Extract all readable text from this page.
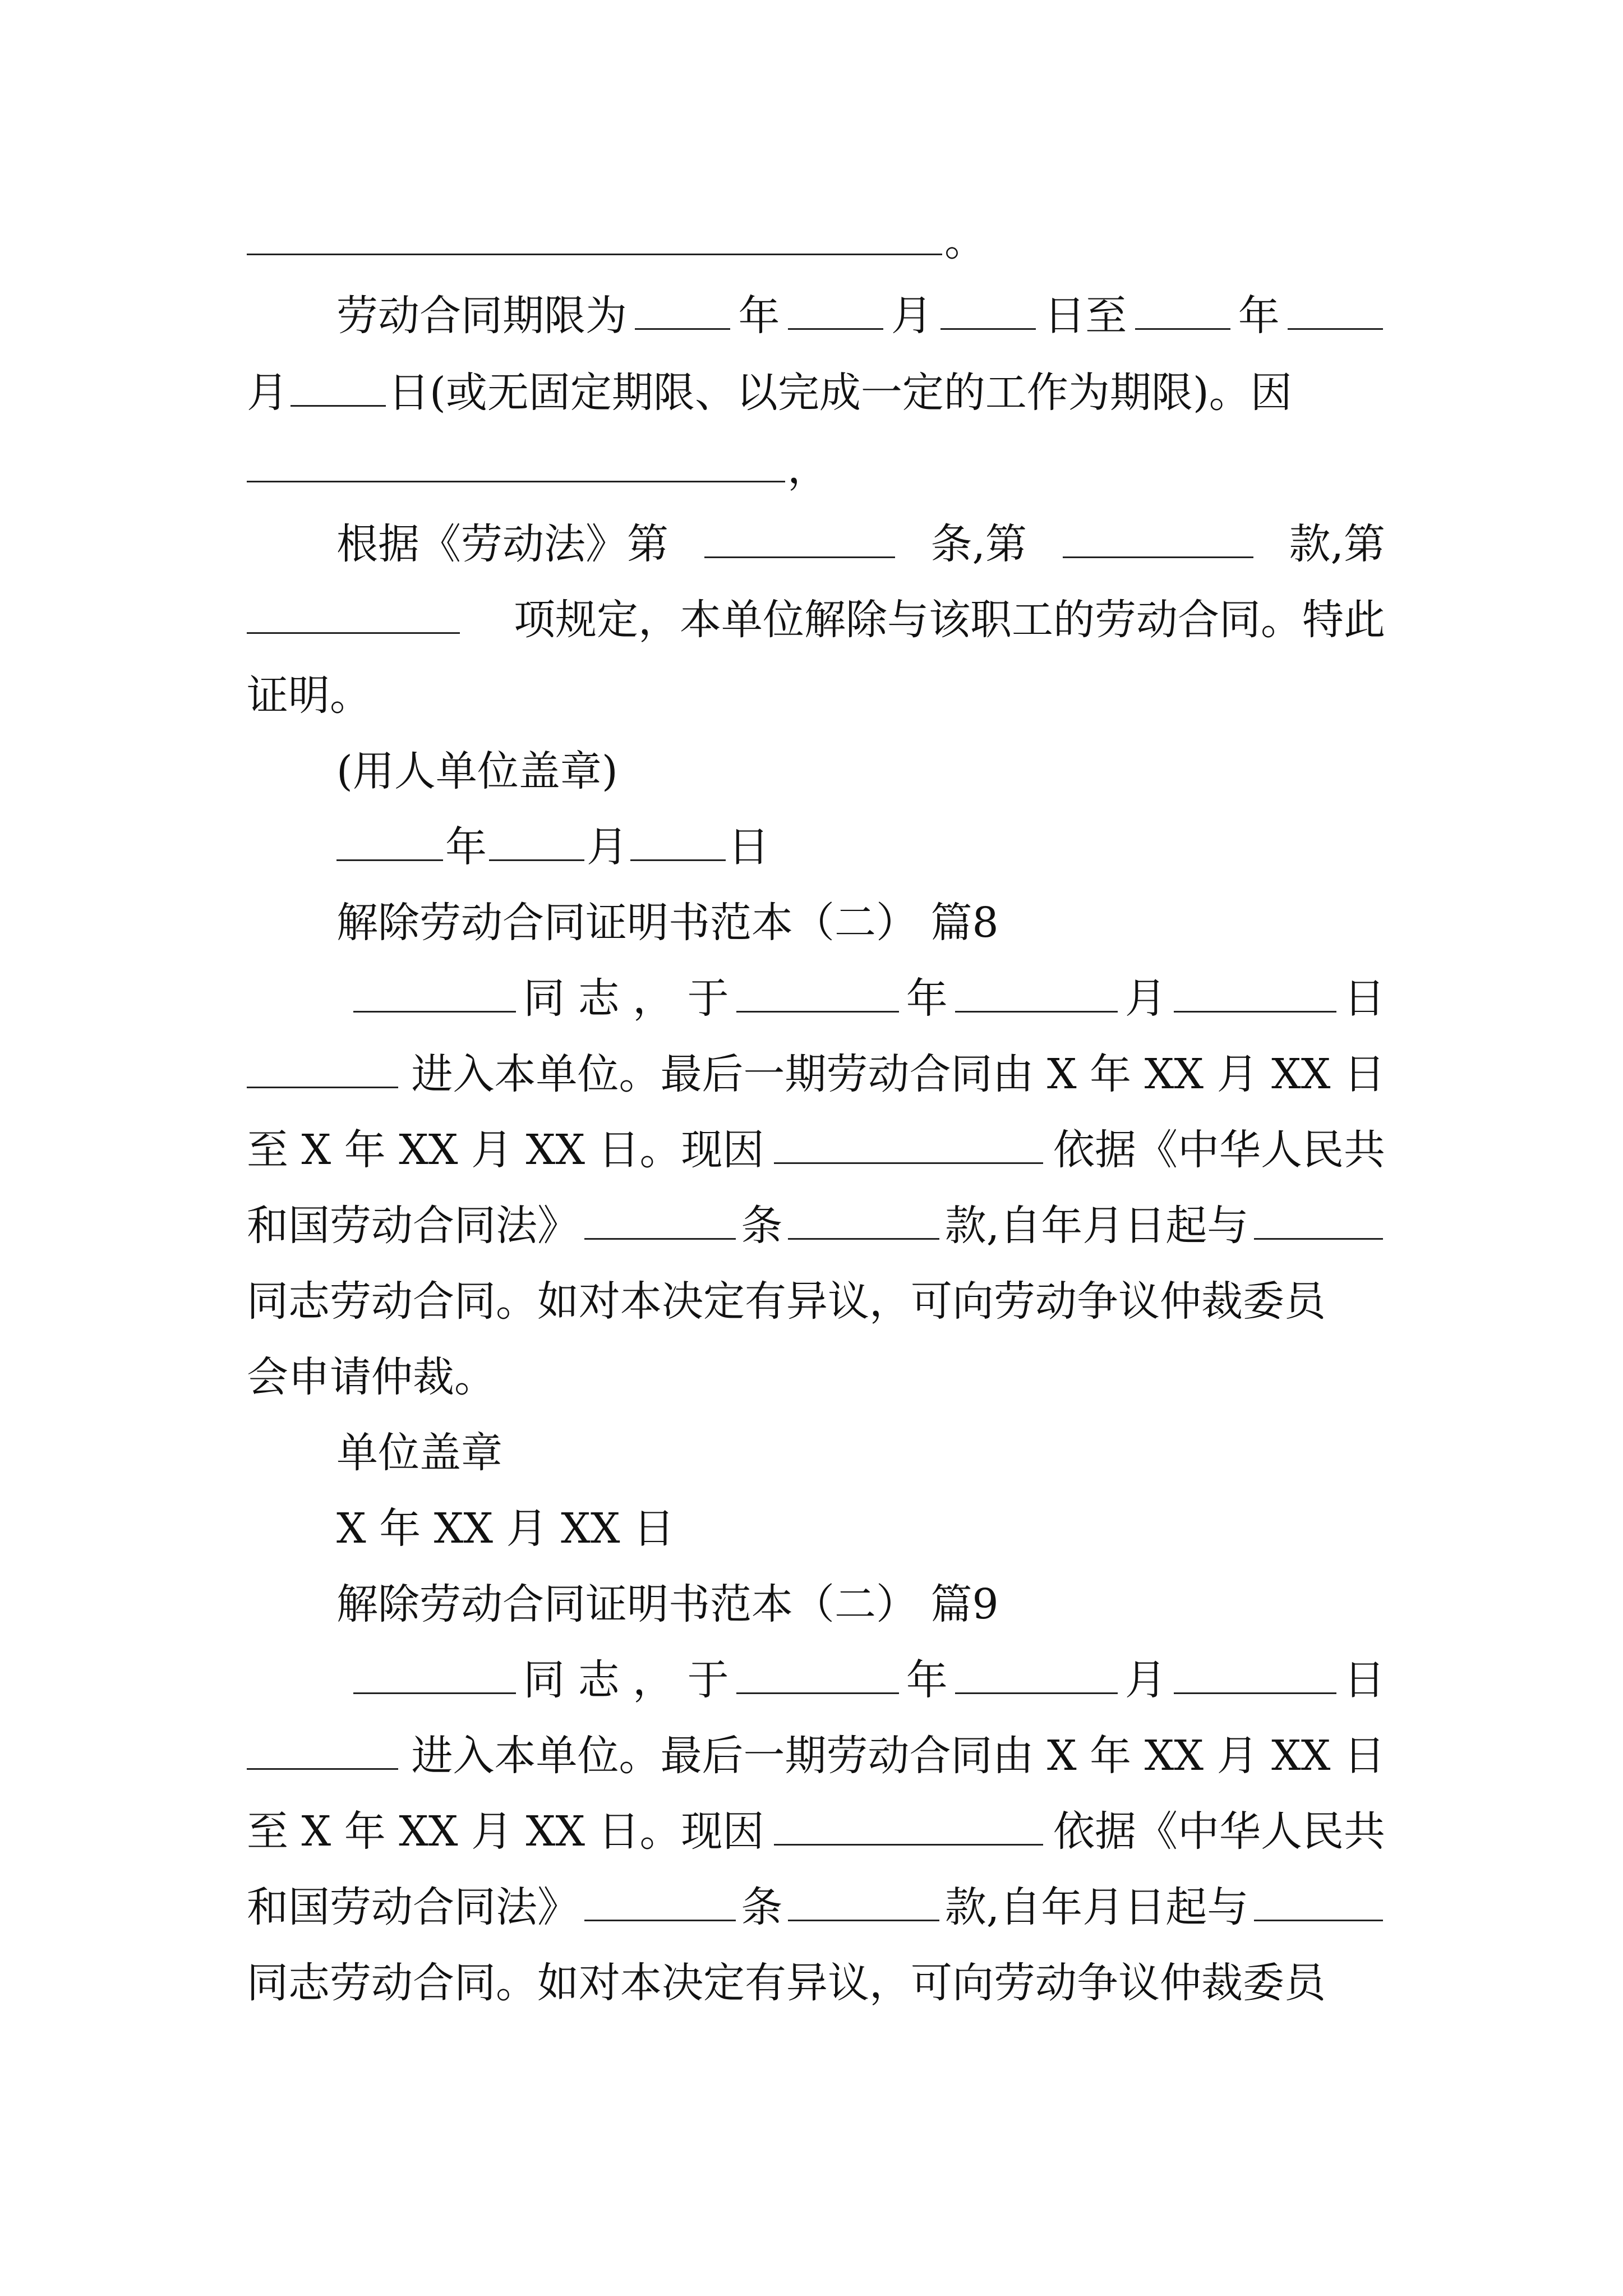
。
劳动合同期限为	年	月	日至	年
月 日(或无固定期限、以完成一定的工作为期限)。因
，
根据《劳动法》第	条,第	款,第
项规定，本单位解除与该职工的劳动合同。特此
证明。
(用人单位盖章)
年 月 日
解除劳动合同证明书范本（二） 篇8
同 志 ， 于	年	月	日
进入本单位。最后一期劳动合同由 X 年 XX 月 XX 日
至 X 年 XX 月 XX 日。现因	依据《中华人民共
和国劳动合同法》	条	款,自年月日起与
同志劳动合同。如对本决定有异议，可向劳动争议仲裁委员
会申请仲裁。
单位盖章
X 年 XX 月 XX 日
解除劳动合同证明书范本（二） 篇9
同 志 ， 于	年	月	日
进入本单位。最后一期劳动合同由 X 年 XX 月 XX 日
至 X 年 XX 月 XX 日。现因	依据《中华人民共
和国劳动合同法》	条	款,自年月日起与
同志劳动合同。如对本决定有异议，可向劳动争议仲裁委员
